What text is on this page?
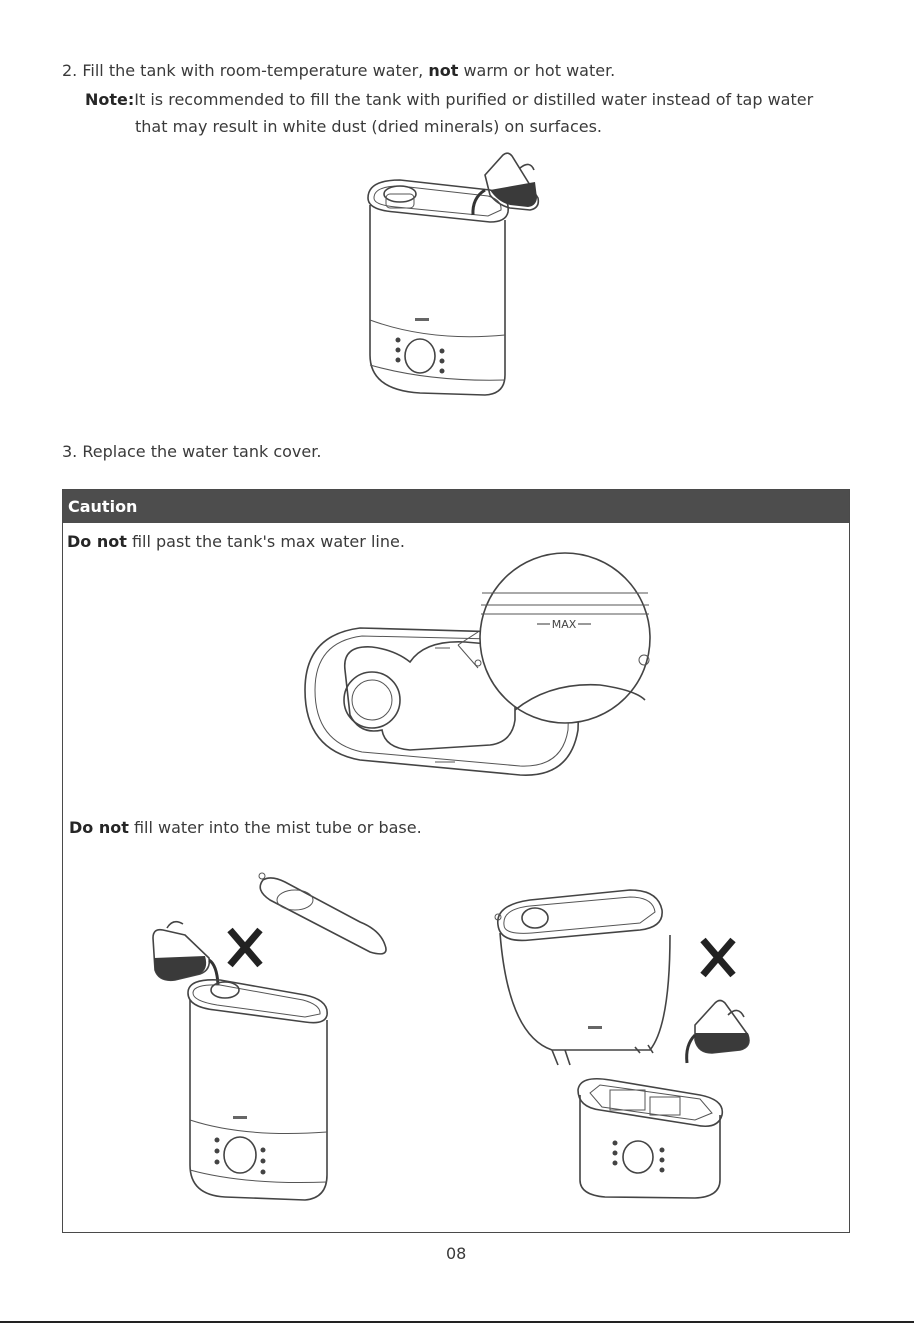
2. Fill the tank with room-temperature water, not warm or hot water.
Note:It is recommended to fill the tank with purified or distilled water instead of tap water
that may result in white dust (dried minerals) on surfaces.
3. Replace the water tank cover.
Caution
Do not fill past the tank's max water line.
MAX
Do not fill water into the mist tube or base.
08
